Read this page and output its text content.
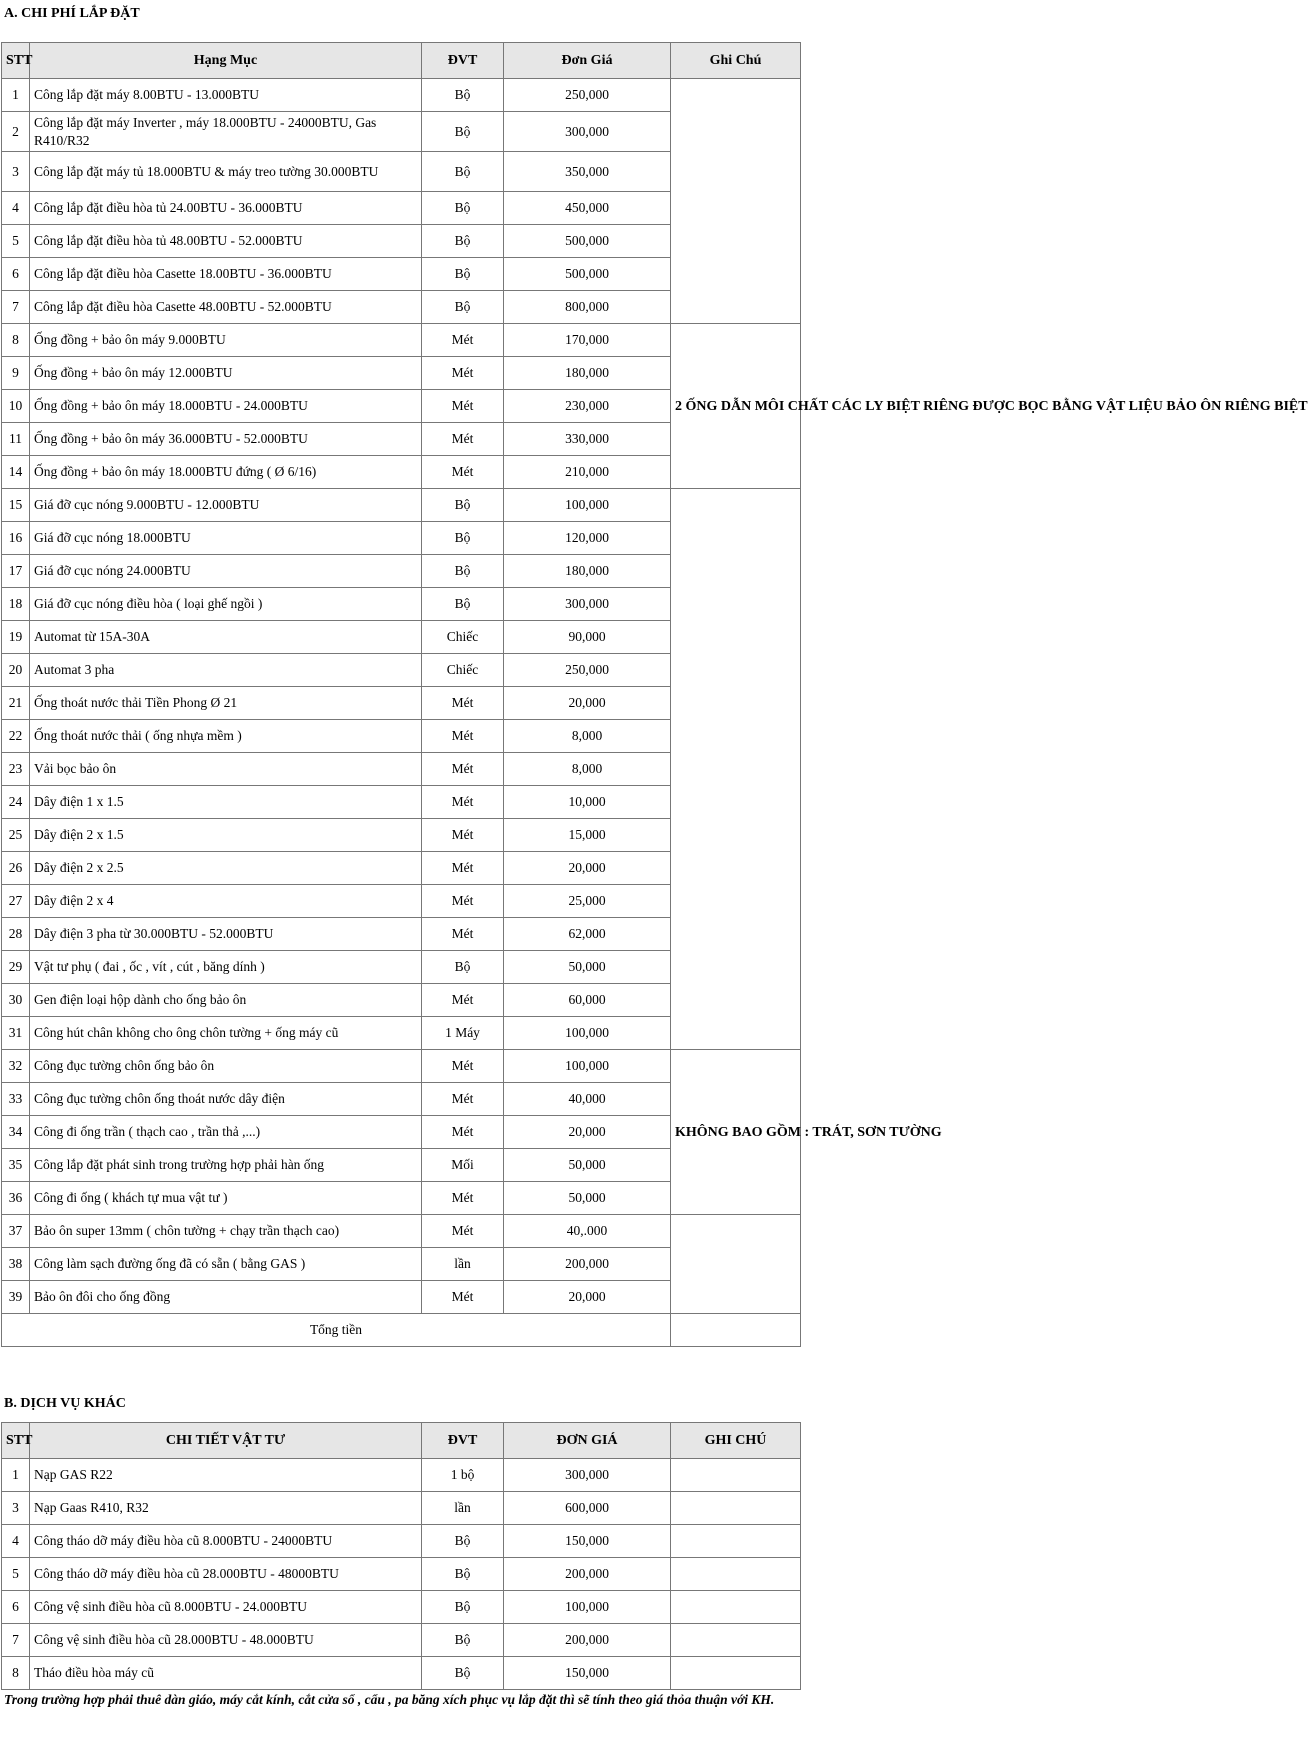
A. CHI PHÍ LẮP ĐẶT
STT	Hạng Mục	ĐVT	Đơn Giá	Ghi Chú
1	Công lắp đặt máy 8.00BTU - 13.000BTU	Bộ	250,000	
2	Công lắp đặt máy Inverter , máy 18.000BTU - 24000BTU, Gas R410/R32	Bộ	300,000	
3	Công lắp đặt máy tủ 18.000BTU & máy treo tường 30.000BTU	Bộ	350,000	
4	Công lắp đặt điều hòa tủ 24.00BTU - 36.000BTU	Bộ	450,000	
5	Công lắp đặt điều hòa tủ 48.00BTU - 52.000BTU	Bộ	500,000	
6	Công lắp đặt điều hòa Casette 18.00BTU - 36.000BTU	Bộ	500,000	
7	Công lắp đặt điều hòa Casette 48.00BTU - 52.000BTU	Bộ	800,000	
8	Ống đồng + bảo ôn máy 9.000BTU	Mét	170,000	2 ỐNG DẪN MÔI CHẤT CÁC LY BIỆT RIÊNG ĐƯỢC BỌC BẰNG VẬT LIỆU BẢO ÔN RIÊNG BIỆT
9	Ống đồng + bảo ôn máy 12.000BTU	Mét	180,000	
10	Ống đồng + bảo ôn máy 18.000BTU - 24.000BTU	Mét	230,000	
11	Ống đồng + bảo ôn máy 36.000BTU - 52.000BTU	Mét	330,000	
14	Ống đồng + bảo ôn máy 18.000BTU đứng ( Ø 6/16)	Mét	210,000	
15	Giá đỡ cục nóng 9.000BTU - 12.000BTU	Bộ	100,000	
16	Giá đỡ cục nóng 18.000BTU	Bộ	120,000	
17	Giá đỡ cục nóng 24.000BTU	Bộ	180,000	
18	Giá đỡ cục nóng điều hòa ( loại ghế ngồi )	Bộ	300,000	
19	Automat từ 15A-30A	Chiếc	90,000	
20	Automat 3 pha	Chiếc	250,000	
21	Ống thoát nước thải Tiền Phong Ø 21	Mét	20,000	
22	Ống thoát nước thải ( ống nhựa mềm )	Mét	8,000	
23	Vải bọc bảo ôn	Mét	8,000	
24	Dây điện 1 x 1.5	Mét	10,000	
25	Dây điện 2 x 1.5	Mét	15,000	
26	Dây điện 2 x 2.5	Mét	20,000	
27	Dây điện 2 x 4	Mét	25,000	
28	Dây điện 3 pha từ 30.000BTU - 52.000BTU	Mét	62,000	
29	Vật tư phụ ( đai , ốc , vít , cút , băng dính )	Bộ	50,000	
30	Gen điện loại hộp dành cho ống bảo ôn	Mét	60,000	
31	Công hút chân không cho ông chôn tường + ống máy cũ	1 Máy	100,000	
32	Công đục tường chôn ống bảo ôn	Mét	100,000	KHÔNG BAO GỒM : TRÁT, SƠN TƯỜNG
33	Công đục tường chôn ống thoát nước dây điện	Mét	40,000	
34	Công đi ống trần ( thạch cao , trần thả ,...)	Mét	20,000	
35	Công lắp đặt phát sinh trong trường hợp phải hàn ống	Mối	50,000	
36	Công đi ống ( khách tự mua vật tư )	Mét	50,000	
37	Bảo ôn super 13mm ( chôn tường + chạy trần thạch cao)	Mét	40,.000	
38	Công làm sạch đường ống đã có sẵn ( bằng GAS )	lần	200,000	
39	Bảo ôn đôi cho ống đồng	Mét	20,000	
Tổng tiền				
B. DỊCH VỤ KHÁC
STT	CHI TIẾT VẬT TƯ	ĐVT	ĐƠN GIÁ	GHI CHÚ
1	Nạp GAS R22	1 bộ	300,000	
3	Nạp Gaas R410, R32	lần	600,000	
4	Công tháo dỡ máy điều hòa cũ 8.000BTU - 24000BTU	Bộ	150,000	
5	Công tháo dỡ máy điều hòa cũ 28.000BTU - 48000BTU	Bộ	200,000	
6	Công vệ sinh điều hòa cũ 8.000BTU - 24.000BTU	Bộ	100,000	
7	Công vệ sinh điều hòa cũ 28.000BTU - 48.000BTU	Bộ	200,000	
8	Tháo điều hòa máy cũ	Bộ	150,000	
Trong trường hợp phải thuê dàn giáo, máy cắt kính, cắt cửa sổ , cẩu , pa băng xích phục vụ lắp đặt thì sẽ tính theo giá thỏa thuận với KH.
